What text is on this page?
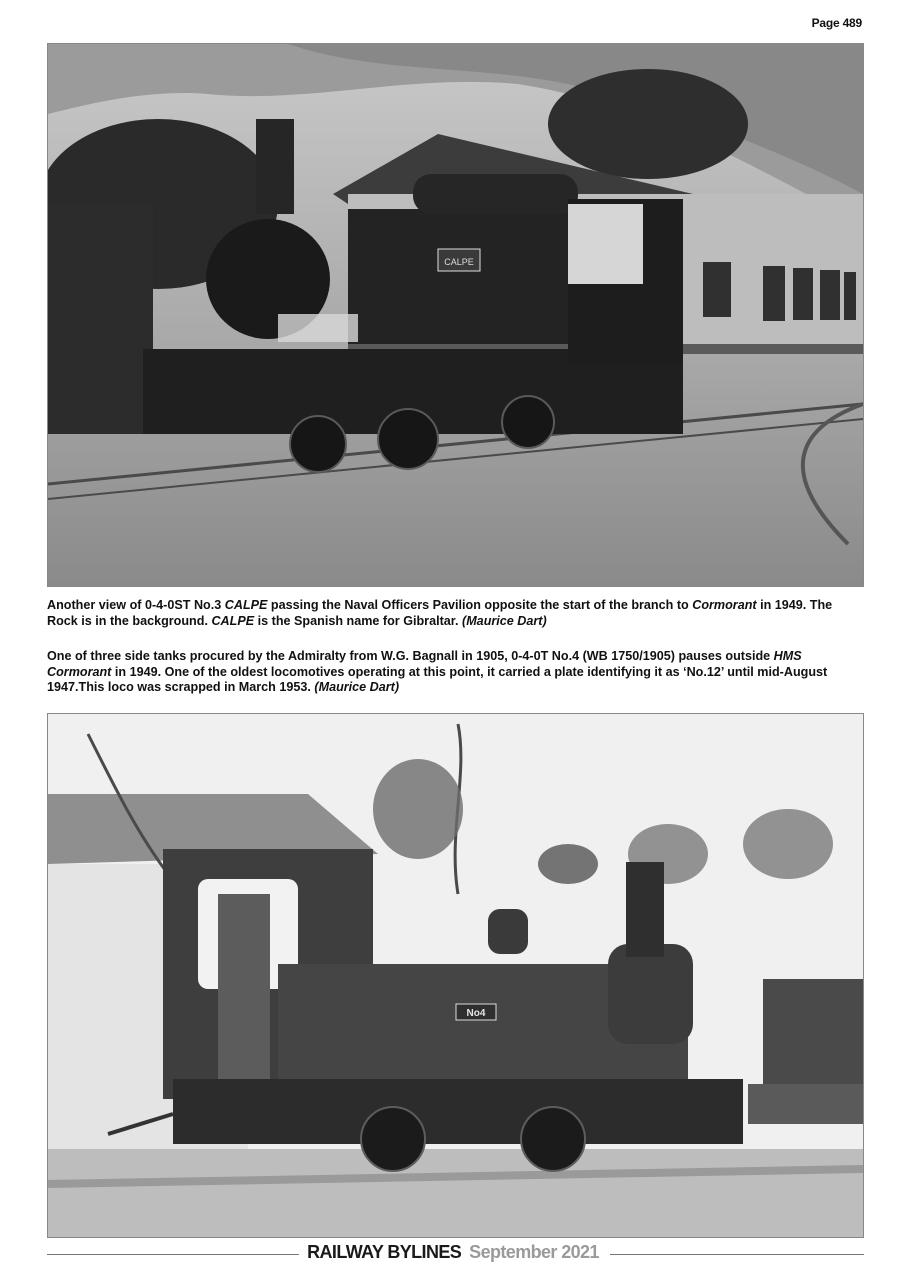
Page 489
CALPE
Another view of 0-4-0ST No.3 CALPE passing the Naval Officers Pavilion opposite the start of the branch to Cormorant in 1949. The Rock is in the background. CALPE is the Spanish name for Gibraltar. (Maurice Dart)
One of three side tanks procured by the Admiralty from W.G. Bagnall in 1905, 0-4-0T No.4 (WB 1750/1905) pauses outside HMS Cormorant in 1949. One of the oldest locomotives operating at this point, it carried a plate identifying it as ‘No.12’ until mid-August 1947.This loco was scrapped in March 1953. (Maurice Dart)
No4
RAILWAY BYLINES September 2021
